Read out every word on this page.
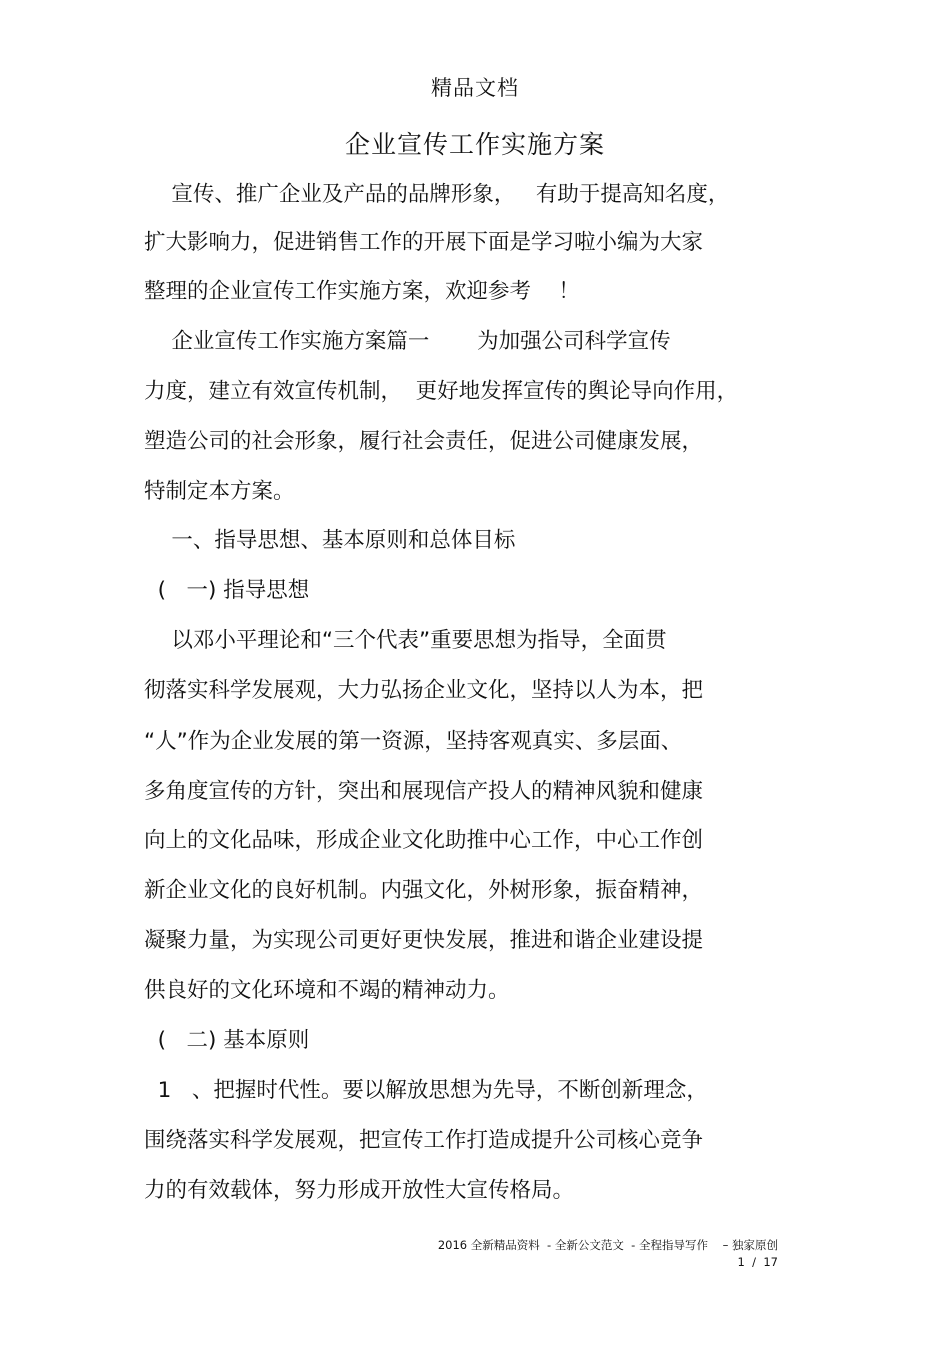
精品文档
企业宣传工作实施方案
宣传、推广企业及产品的品牌形象，   有助于提高知名度，
扩大影响力，促进销售工作的开展下面是学习啦小编为大家
整理的企业宣传工作实施方案，欢迎参考    ！
企业宣传工作实施方案篇一       为加强公司科学宣传
力度，建立有效宣传机制，  更好地发挥宣传的舆论导向作用，
塑造公司的社会形象，履行社会责任，促进公司健康发展，
特制定本方案。
一、指导思想、基本原则和总体目标
(   一) 指导思想
以邓小平理论和“三个代表”重要思想为指导，全面贯
彻落实科学发展观，大力弘扬企业文化，坚持以人为本，把
“人”作为企业发展的第一资源，坚持客观真实、多层面、
多角度宣传的方针，突出和展现信产投人的精神风貌和健康
向上的文化品味，形成企业文化助推中心工作，中心工作创
新企业文化的良好机制。内强文化，外树形象，振奋精神，
凝聚力量，为实现公司更好更快发展，推进和谐企业建设提
供良好的文化环境和不竭的精神动力。
(   二) 基本原则
1   、把握时代性。要以解放思想为先导，不断创新理念，
围绕落实科学发展观，把宣传工作打造成提升公司核心竞争
力的有效载体，努力形成开放性大宣传格局。
2016 全新精品资料  - 全新公文范文  - 全程指导写作    – 独家原创
1  /  17
